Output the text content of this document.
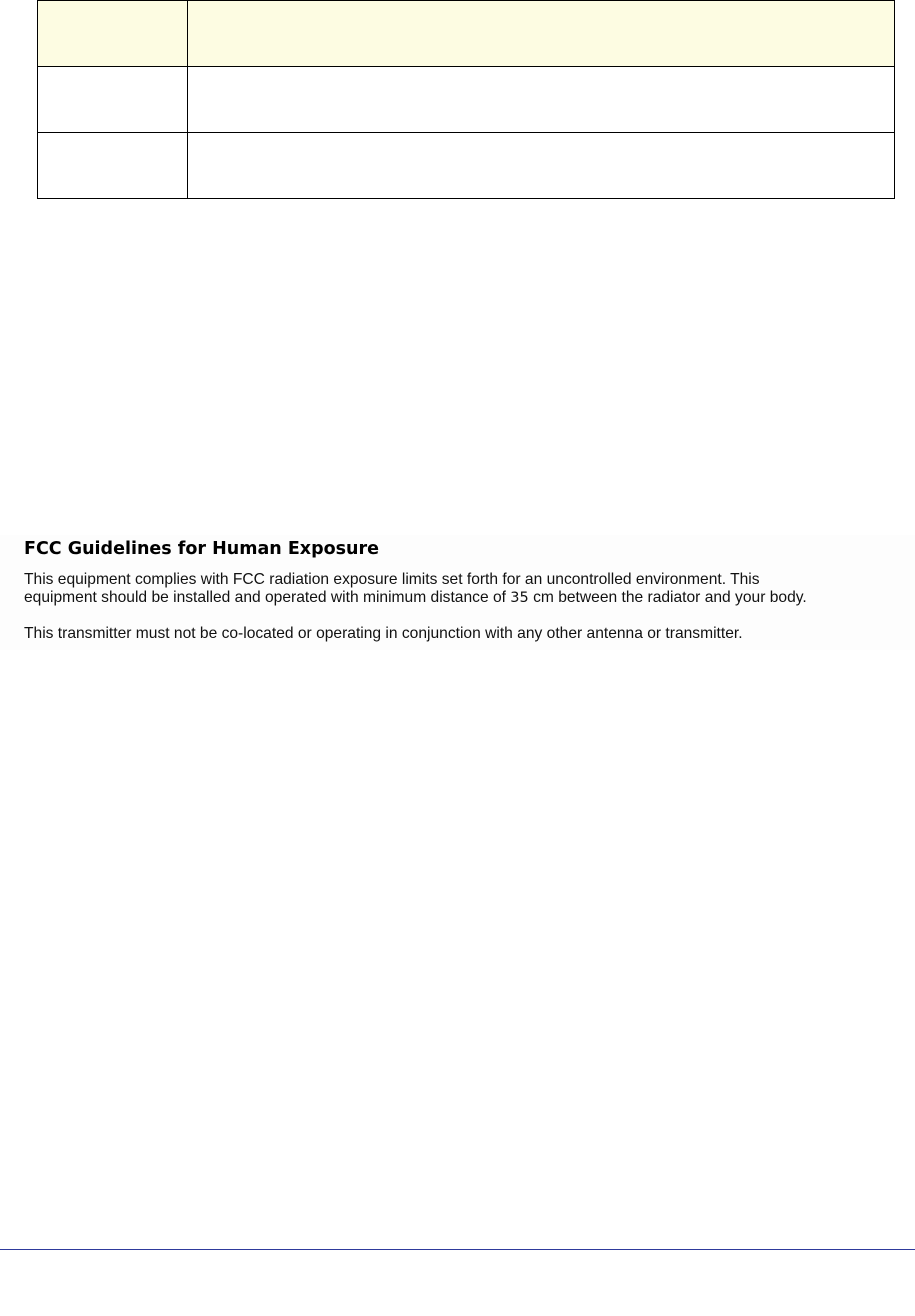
FCC Guidelines for Human Exposure

This equipment complies with FCC radiation exposure limits set forth for an uncontrolled environment. This

equipment should be installed and operated with minimum distance of 35 cm between the radiator and your body.

This transmitter must not be co-located or operating in conjunction with any other antenna or transmitter.
